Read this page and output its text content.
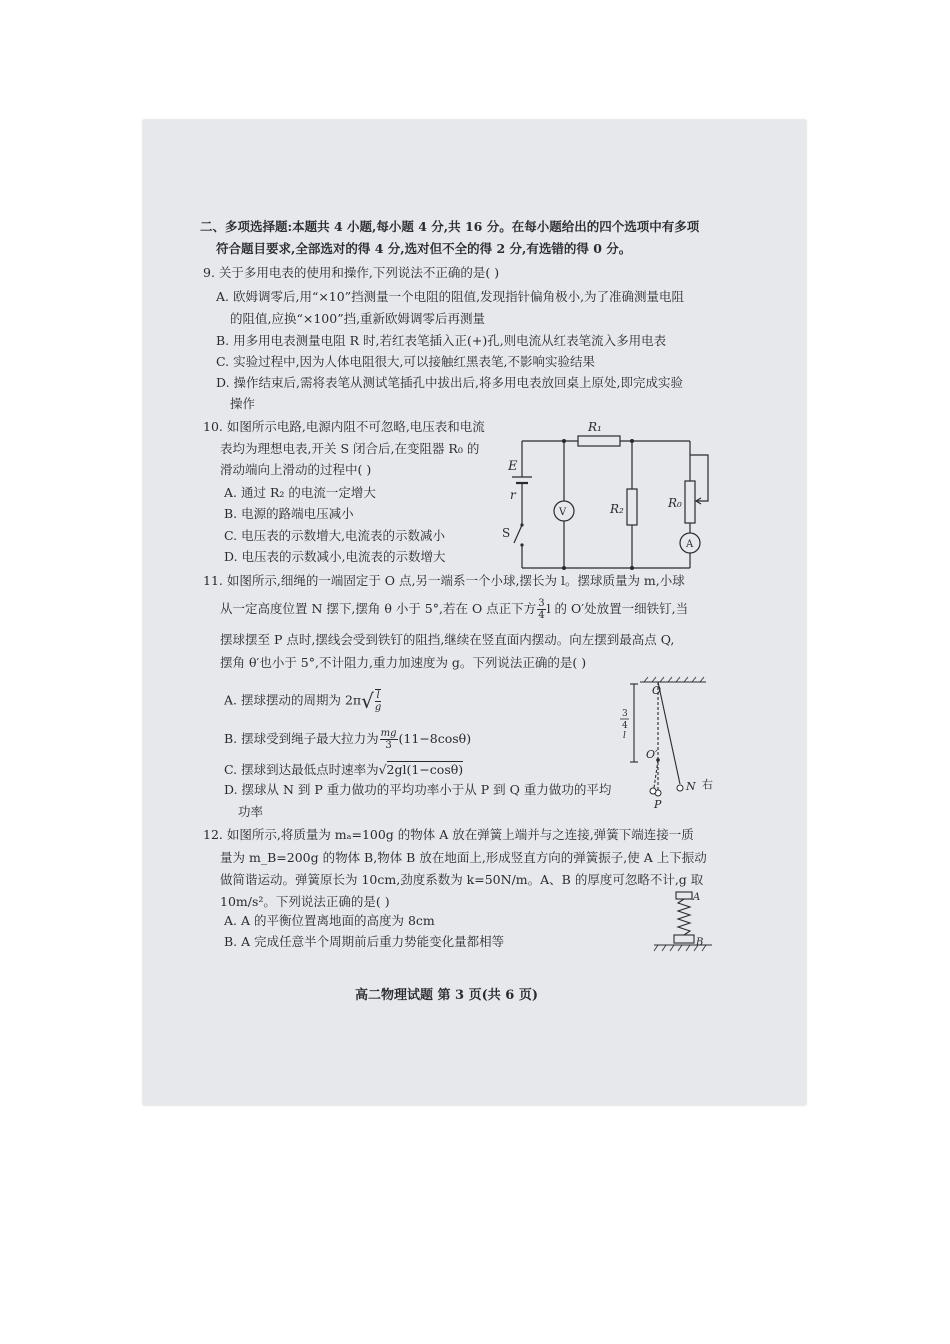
二、多项选择题:本题共 4 小题,每小题 4 分,共 16 分。在每小题给出的四个选项中有多项
符合题目要求,全部选对的得 4 分,选对但不全的得 2 分,有选错的得 0 分。
9. 关于多用电表的使用和操作,下列说法不正确的是( )
A. 欧姆调零后,用“×10”挡测量一个电阻的阻值,发现指针偏角极小,为了准确测量电阻
的阻值,应换“×100”挡,重新欧姆调零后再测量
B. 用多用电表测量电阻 R 时,若红表笔插入正(+)孔,则电流从红表笔流入多用电表
C. 实验过程中,因为人体电阻很大,可以接触红黑表笔,不影响实验结果
D. 操作结束后,需将表笔从测试笔插孔中拔出后,将多用电表放回桌上原处,即完成实验
操作
10. 如图所示电路,电源内阻不可忽略,电压表和电流
表均为理想电表,开关 S 闭合后,在变阻器 R₀ 的
滑动端向上滑动的过程中( )
A. 通过 R₂ 的电流一定增大
B. 电源的路端电压减小
C. 电压表的示数增大,电流表的示数减小
D. 电压表的示数减小,电流表的示数增大
R₁
R₂	R₀
E
r
S
V
A
11. 如图所示,细绳的一端固定于 O 点,另一端系一个小球,摆长为 l。摆球质量为 m,小球
从一定高度位置 N 摆下,摆角 θ 小于 5°,若在 O 点正下方 $\frac{3}{4}$ l 的 O′处放置一细铁钉,当
摆球摆至 P 点时,摆线会受到铁钉的阻挡,继续在竖直面内摆动。向左摆到最高点 Q,
摆角 θ′也小于 5°,不计阻力,重力加速度为 g。下列说法正确的是( )
A. 摆球摆动的周期为 $2\pi√ \frac{l}{g}$
B. 摆球受到绳子最大拉力为 $\frac{mg}{3} (11-8\cos\theta)$
C. 摆球到达最低点时速率为√2gl(1−cosθ)
D. 摆球从 N 到 P 重力做功的平均功率小于从 P 到 Q 重力做功的平均
功率
O
O′
P
N 右
3
4
l
12. 如图所示,将质量为 mₐ=100g 的物体 A 放在弹簧上端并与之连接,弹簧下端连接一质
量为 m_B=200g 的物体 B,物体 B 放在地面上,形成竖直方向的弹簧振子,使 A 上下振动
做简谐运动。弹簧原长为 10cm,劲度系数为 k=50N/m。A、B 的厚度可忽略不计,g 取
10m/s²。下列说法正确的是( )
A. A 的平衡位置离地面的高度为 8cm
B. A 完成任意半个周期前后重力势能变化量都相等
A
B
高二物理试题 第 3 页(共 6 页)
